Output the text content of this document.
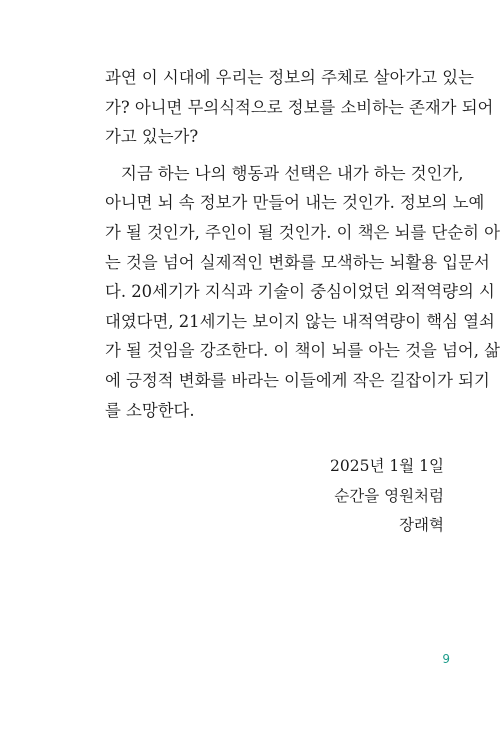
과연 이 시대에 우리는 정보의 주체로 살아가고 있는
가? 아니면 무의식적으로 정보를 소비하는 존재가 되어
가고 있는가?
지금 하는 나의 행동과 선택은 내가 하는 것인가,
아니면 뇌 속 정보가 만들어 내는 것인가. 정보의 노예
가 될 것인가, 주인이 될 것인가. 이 책은 뇌를 단순히 아
는 것을 넘어 실제적인 변화를 모색하는 뇌활용 입문서
다. 20세기가 지식과 기술이 중심이었던 외적역량의 시
대였다면, 21세기는 보이지 않는 내적역량이 핵심 열쇠
가 될 것임을 강조한다. 이 책이 뇌를 아는 것을 넘어, 삶
에 긍정적 변화를 바라는 이들에게 작은 길잡이가 되기
를 소망한다.
2025년 1월 1일
순간을 영원처럼
장래혁
9
